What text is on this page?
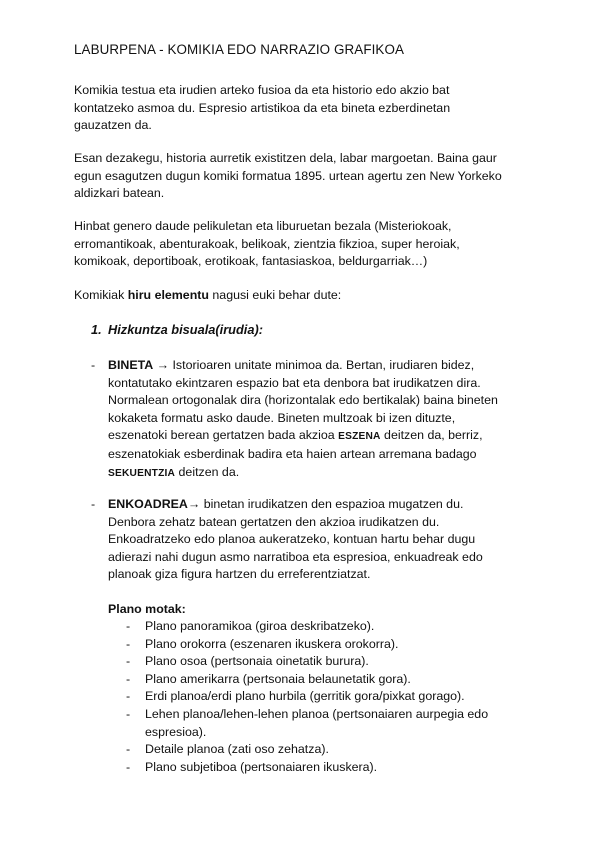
LABURPENA - KOMIKIA EDO NARRAZIO GRAFIKOA

Komikia testua eta irudien arteko fusioa da eta historio edo akzio bat
kontatzeko asmoa du. Espresio artistikoa da eta bineta ezberdinetan
gauzatzen da.

Esan dezakegu, historia aurretik existitzen dela, labar margoetan. Baina gaur
egun esagutzen dugun komiki formatua 1895. urtean agertu zen New Yorkeko
aldizkari batean.

Hinbat genero daude pelikuletan eta liburuetan bezala (Misteriokoak,
erromantikoak, abenturakoak, belikoak, zientzia fikzioa, super heroiak,
komikoak, deportiboak, erotikoak, fantasiaskoa, beldurgarriak…)

Komikiak hiru elementu nagusi euki behar dute:

1. Hizkuntza bisuala(irudia):

- BINETA → Istorioaren unitate minimoa da. Bertan, irudiaren bidez,
kontatutako ekintzaren espazio bat eta denbora bat irudikatzen dira.
Normalean ortogonalak dira (horizontalak edo bertikalak) baina bineten
kokaketa formatu asko daude. Bineten multzoak bi izen dituzte,
eszenatoki berean gertatzen bada akzioa ESZENA deitzen da, berriz,
eszenatokiak esberdinak badira eta haien artean arremana badago
SEKUENTZIA deitzen da.

- ENKOADREA→ binetan irudikatzen den espazioa mugatzen du.
Denbora zehatz batean gertatzen den akzioa irudikatzen du.
Enkoadratzeko edo planoa aukeratzeko, kontuan hartu behar dugu
adierazi nahi dugun asmo narratiboa eta espresioa, enkuadreak edo
planoak giza figura hartzen du erreferentziatzat.

Plano motak:

- Plano panoramikoa (giroa deskribatzeko).
- Plano orokorra (eszenaren ikuskera orokorra).
- Plano osoa (pertsonaia oinetatik burura).
- Plano amerikarra (pertsonaia belaunetatik gora).
- Erdi planoa/erdi plano hurbila (gerritik gora/pixkat gorago).
- Lehen planoa/lehen-lehen planoa (pertsonaiaren aurpegia edo espresioa).
- Detaile planoa (zati oso zehatza).
- Plano subjetiboa (pertsonaiaren ikuskera).
